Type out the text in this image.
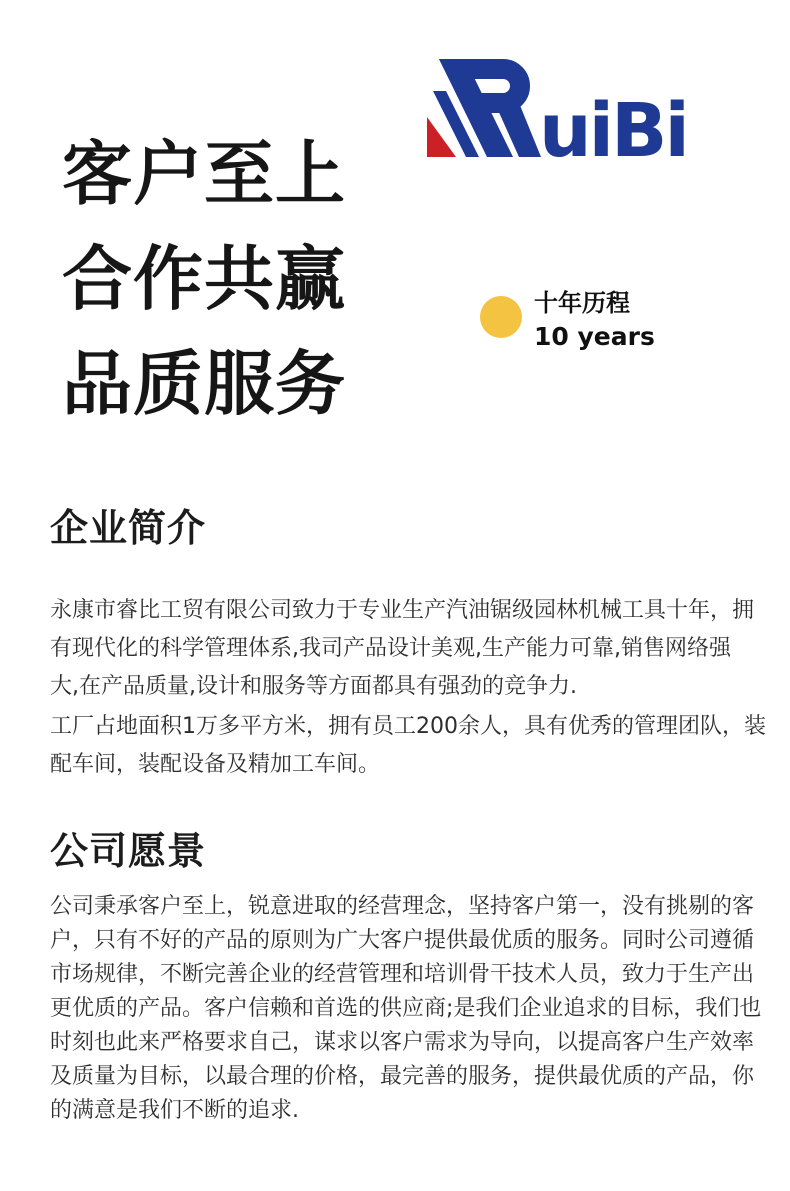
uiBi
客户至上
合作共赢
品质服务
十年历程
10 years
企业简介
永康市睿比工贸有限公司致力于专业生产汽油锯级园林机械工具十年，拥
有现代化的科学管理体系,我司产品设计美观,生产能力可靠,销售网络强
大,在产品质量,设计和服务等方面都具有强劲的竞争力.
工厂占地面积1万多平方米，拥有员工200余人，具有优秀的管理团队，装
配车间，装配设备及精加工车间。
公司愿景
公司秉承客户至上，锐意进取的经营理念，坚持客户第一，没有挑剔的客
户，只有不好的产品的原则为广大客户提供最优质的服务。同时公司遵循
市场规律，不断完善企业的经营管理和培训骨干技术人员，致力于生产出
更优质的产品。客户信赖和首选的供应商;是我们企业追求的目标，我们也
时刻也此来严格要求自己，谋求以客户需求为导向，以提高客户生产效率
及质量为目标，以最合理的价格，最完善的服务，提供最优质的产品，你
的满意是我们不断的追求.
